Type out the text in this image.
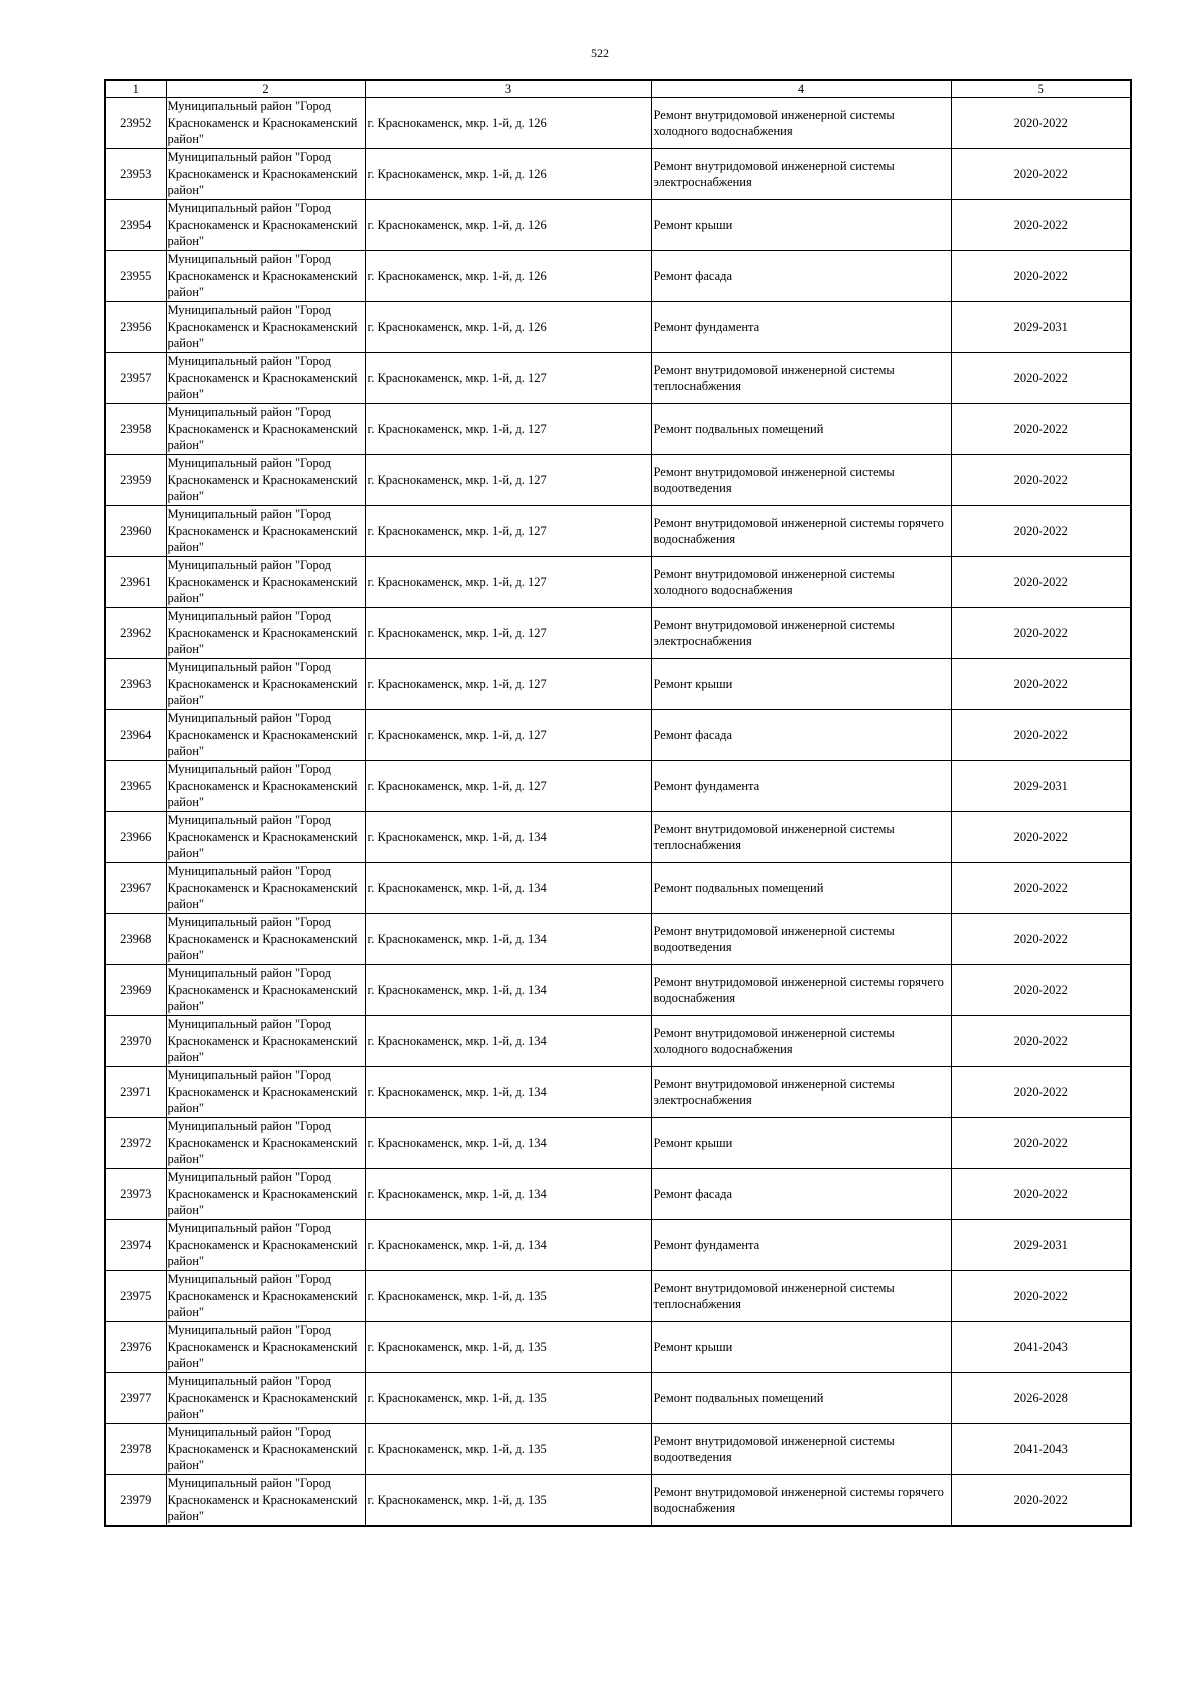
522
1	2	3	4	5
23952	Муниципальный район "Город Краснокаменск и Краснокаменский район"	г. Краснокаменск, мкр. 1-й, д. 126	Ремонт внутридомовой инженерной системы холодного водоснабжения	2020-2022
23953	Муниципальный район "Город Краснокаменск и Краснокаменский район"	г. Краснокаменск, мкр. 1-й, д. 126	Ремонт внутридомовой инженерной системы электроснабжения	2020-2022
23954	Муниципальный район "Город Краснокаменск и Краснокаменский район"	г. Краснокаменск, мкр. 1-й, д. 126	Ремонт крыши	2020-2022
23955	Муниципальный район "Город Краснокаменск и Краснокаменский район"	г. Краснокаменск, мкр. 1-й, д. 126	Ремонт фасада	2020-2022
23956	Муниципальный район "Город Краснокаменск и Краснокаменский район"	г. Краснокаменск, мкр. 1-й, д. 126	Ремонт фундамента	2029-2031
23957	Муниципальный район "Город Краснокаменск и Краснокаменский район"	г. Краснокаменск, мкр. 1-й, д. 127	Ремонт внутридомовой инженерной системы теплоснабжения	2020-2022
23958	Муниципальный район "Город Краснокаменск и Краснокаменский район"	г. Краснокаменск, мкр. 1-й, д. 127	Ремонт подвальных помещений	2020-2022
23959	Муниципальный район "Город Краснокаменск и Краснокаменский район"	г. Краснокаменск, мкр. 1-й, д. 127	Ремонт внутридомовой инженерной системы водоотведения	2020-2022
23960	Муниципальный район "Город Краснокаменск и Краснокаменский район"	г. Краснокаменск, мкр. 1-й, д. 127	Ремонт внутридомовой инженерной системы горячего водоснабжения	2020-2022
23961	Муниципальный район "Город Краснокаменск и Краснокаменский район"	г. Краснокаменск, мкр. 1-й, д. 127	Ремонт внутридомовой инженерной системы холодного водоснабжения	2020-2022
23962	Муниципальный район "Город Краснокаменск и Краснокаменский район"	г. Краснокаменск, мкр. 1-й, д. 127	Ремонт внутридомовой инженерной системы электроснабжения	2020-2022
23963	Муниципальный район "Город Краснокаменск и Краснокаменский район"	г. Краснокаменск, мкр. 1-й, д. 127	Ремонт крыши	2020-2022
23964	Муниципальный район "Город Краснокаменск и Краснокаменский район"	г. Краснокаменск, мкр. 1-й, д. 127	Ремонт фасада	2020-2022
23965	Муниципальный район "Город Краснокаменск и Краснокаменский район"	г. Краснокаменск, мкр. 1-й, д. 127	Ремонт фундамента	2029-2031
23966	Муниципальный район "Город Краснокаменск и Краснокаменский район"	г. Краснокаменск, мкр. 1-й, д. 134	Ремонт внутридомовой инженерной системы теплоснабжения	2020-2022
23967	Муниципальный район "Город Краснокаменск и Краснокаменский район"	г. Краснокаменск, мкр. 1-й, д. 134	Ремонт подвальных помещений	2020-2022
23968	Муниципальный район "Город Краснокаменск и Краснокаменский район"	г. Краснокаменск, мкр. 1-й, д. 134	Ремонт внутридомовой инженерной системы водоотведения	2020-2022
23969	Муниципальный район "Город Краснокаменск и Краснокаменский район"	г. Краснокаменск, мкр. 1-й, д. 134	Ремонт внутридомовой инженерной системы горячего водоснабжения	2020-2022
23970	Муниципальный район "Город Краснокаменск и Краснокаменский район"	г. Краснокаменск, мкр. 1-й, д. 134	Ремонт внутридомовой инженерной системы холодного водоснабжения	2020-2022
23971	Муниципальный район "Город Краснокаменск и Краснокаменский район"	г. Краснокаменск, мкр. 1-й, д. 134	Ремонт внутридомовой инженерной системы электроснабжения	2020-2022
23972	Муниципальный район "Город Краснокаменск и Краснокаменский район"	г. Краснокаменск, мкр. 1-й, д. 134	Ремонт крыши	2020-2022
23973	Муниципальный район "Город Краснокаменск и Краснокаменский район"	г. Краснокаменск, мкр. 1-й, д. 134	Ремонт фасада	2020-2022
23974	Муниципальный район "Город Краснокаменск и Краснокаменский район"	г. Краснокаменск, мкр. 1-й, д. 134	Ремонт фундамента	2029-2031
23975	Муниципальный район "Город Краснокаменск и Краснокаменский район"	г. Краснокаменск, мкр. 1-й, д. 135	Ремонт внутридомовой инженерной системы теплоснабжения	2020-2022
23976	Муниципальный район "Город Краснокаменск и Краснокаменский район"	г. Краснокаменск, мкр. 1-й, д. 135	Ремонт крыши	2041-2043
23977	Муниципальный район "Город Краснокаменск и Краснокаменский район"	г. Краснокаменск, мкр. 1-й, д. 135	Ремонт подвальных помещений	2026-2028
23978	Муниципальный район "Город Краснокаменск и Краснокаменский район"	г. Краснокаменск, мкр. 1-й, д. 135	Ремонт внутридомовой инженерной системы водоотведения	2041-2043
23979	Муниципальный район "Город Краснокаменск и Краснокаменский район"	г. Краснокаменск, мкр. 1-й, д. 135	Ремонт внутридомовой инженерной системы горячего водоснабжения	2020-2022
